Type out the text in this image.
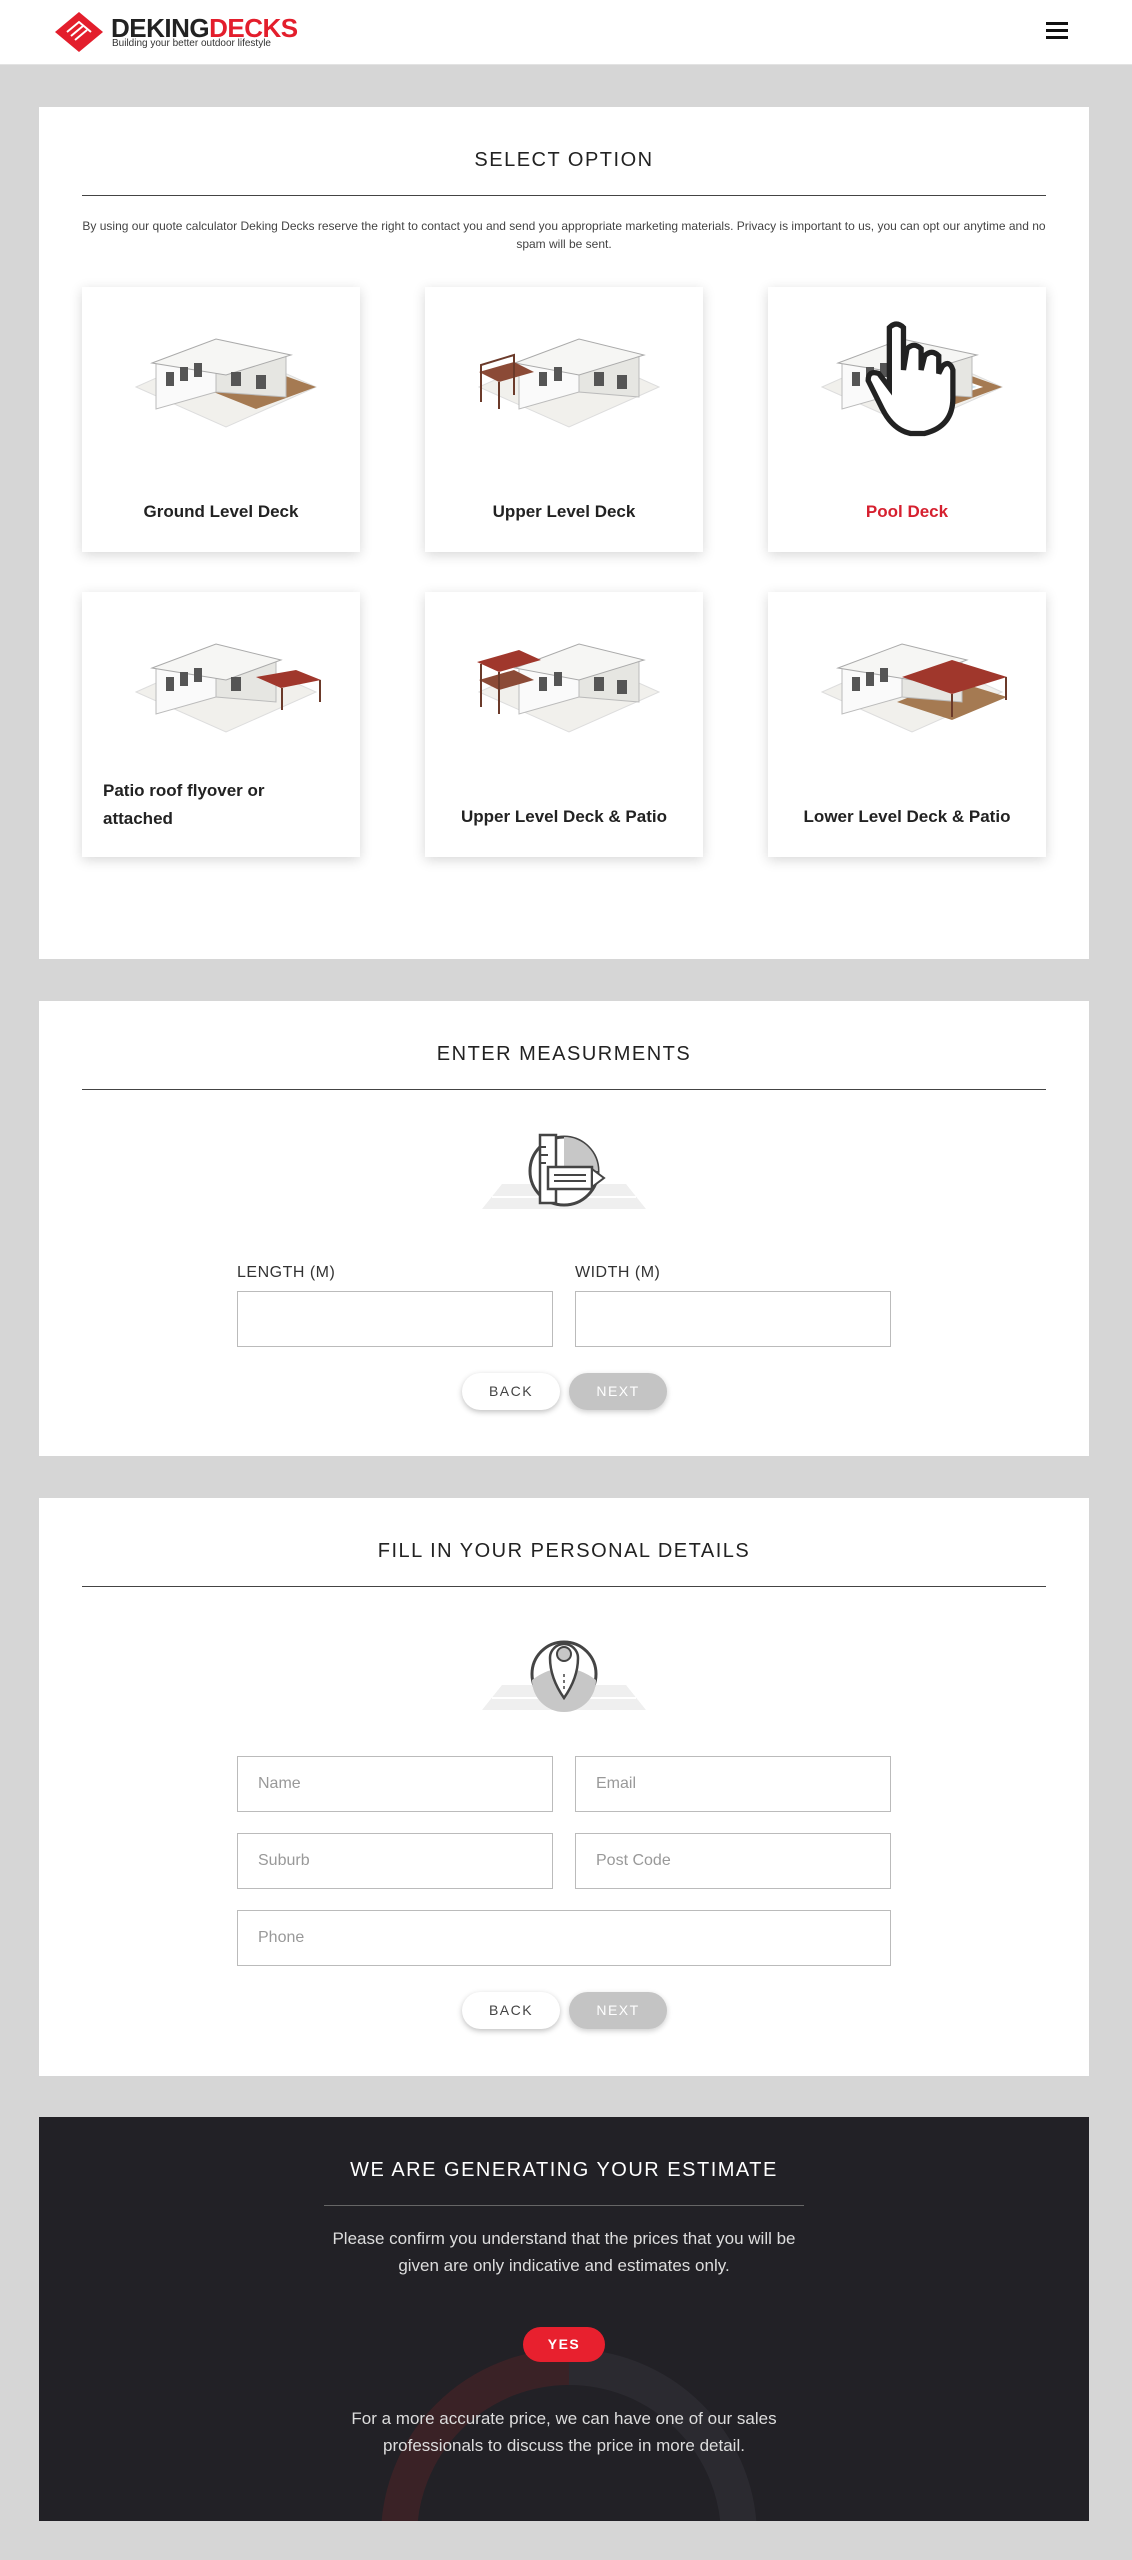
DEKINGDECKS
Building your better outdoor lifestyle
SELECT OPTION
By using our quote calculator Deking Decks reserve the right to contact you and send you appropriate marketing materials. Privacy is important to us, you can opt our anytime and no spam will be sent.
Ground Level Deck	Upper Level Deck	Pool Deck
Patio roof flyover or attached	Upper Level Deck & Patio	Lower Level Deck & Patio
ENTER MEASURMENTS
LENGTH (M)	WIDTH (M)
BACK	NEXT
FILL IN YOUR PERSONAL DETAILS
Name
Email
Suburb
Post Code
Phone
BACK	NEXT
WE ARE GENERATING YOUR ESTIMATE

Please confirm you understand that the prices that you will be given are only indicative and estimates only.

YES

For a more accurate price, we can have one of our sales professionals to discuss the price in more detail.
